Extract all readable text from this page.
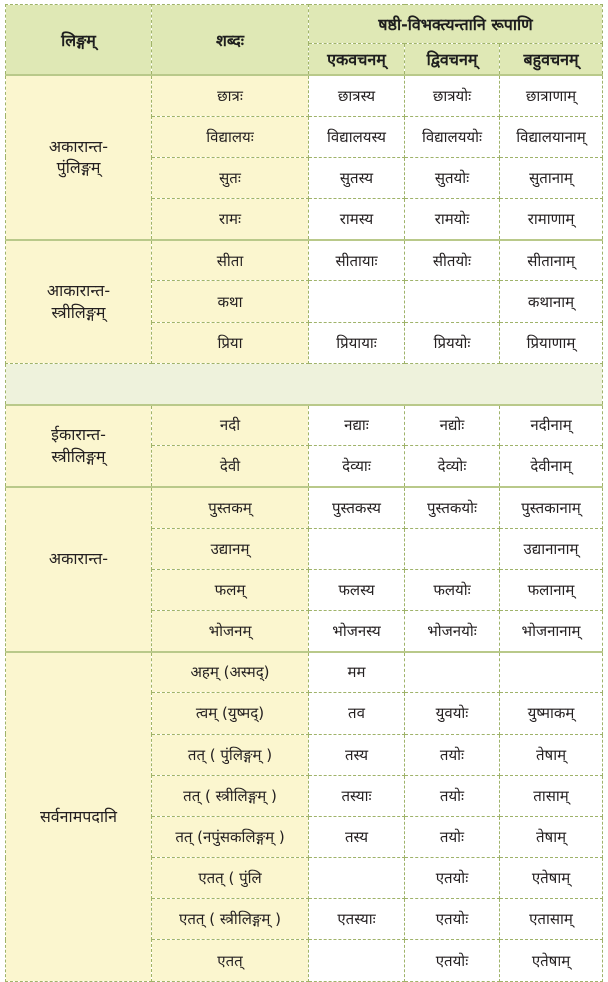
लिङ्गम्	शब्दः	षष्ठी-विभक्त्यन्तानि रूपाणि		
		एकवचनम्	द्विवचनम्	बहुवचनम्

अकारान्त-
पुंलिङ्गम्	छात्रः	छात्रस्य	छात्रयोः	छात्राणाम्
	विद्यालयः	विद्यालयस्य	विद्यालययोः	विद्यालयानाम्
	सुतः	सुतस्य	सुतयोः	सुतानाम्
	रामः	रामस्य	रामयोः	रामाणाम्

आकारान्त-
स्त्रीलिङ्गम्	सीता	सीतायाः	सीतयोः	सीतानाम्
	कथा			कथानाम्
	प्रिया	प्रियायाः	प्रिययोः	प्रियाणाम्

ईकारान्त-
स्त्रीलिङ्गम्	नदी	नद्याः	नद्योः	नदीनाम्
	देवी	देव्याः	देव्योः	देवीनाम्

अकारान्त-	पुस्तकम्	पुस्तकस्य	पुस्तकयोः	पुस्तकानाम्
	उद्यानम्			उद्यानानाम्
	फलम्	फलस्य	फलयोः	फलानाम्
	भोजनम्	भोजनस्य	भोजनयोः	भोजनानाम्

सर्वनामपदानि	अहम् (अस्मद्)	मम		
	त्वम् (युष्मद्)	तव	युवयोः	युष्माकम्
	तत् ( पुंलिङ्गम् )	तस्य	तयोः	तेषाम्
	तत् ( स्त्रीलिङ्गम् )	तस्याः	तयोः	तासाम्
	तत् (नपुंसकलिङ्गम् )	तस्य	तयोः	तेषाम्
	एतत् ( पुंलि		एतयोः	एतेषाम्
	एतत् ( स्त्रीलिङ्गम् )	एतस्याः	एतयोः	एतासाम्
	एतत्		एतयोः	एतेषाम्
